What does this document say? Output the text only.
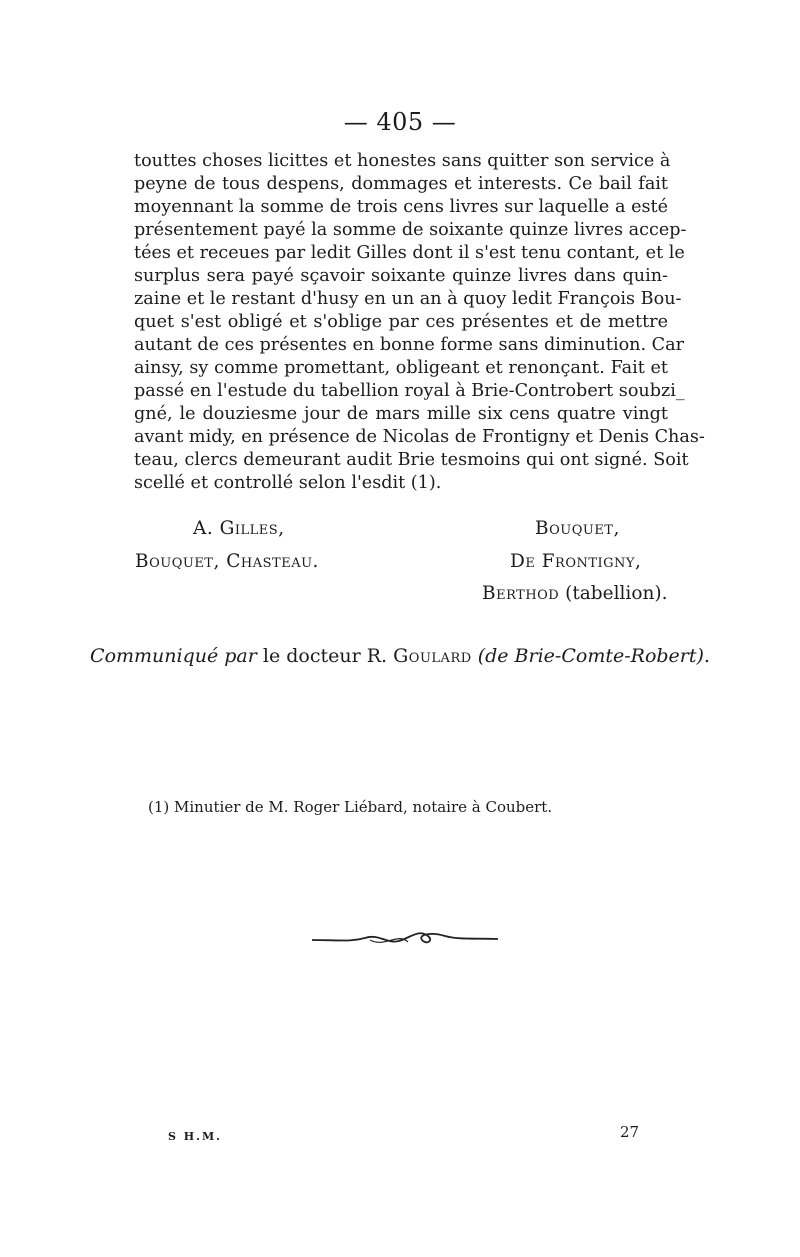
— 405 —
touttes choses licittes et honestes sans quitter son service à
peyne de tous despens, dommages et interests. Ce bail fait
moyennant la somme de trois cens livres sur laquelle a esté
présentement payé la somme de soixante quinze livres accep-
tées et receues par ledit Gilles dont il s'est tenu contant, et le
surplus sera payé sçavoir soixante quinze livres dans quin-
zaine et le restant d'husy en un an à quoy ledit François Bou-
quet s'est obligé et s'oblige par ces présentes et de mettre
autant de ces présentes en bonne forme sans diminution. Car
ainsy, sy comme promettant, obligeant et renonçant. Fait et
passé en l'estude du tabellion royal à Brie-Controbert soubzi_
gné, le douziesme jour de mars mille six cens quatre vingt
avant midy, en présence de Nicolas de Frontigny et Denis Chas-
teau, clercs demeurant audit Brie tesmoins qui ont signé. Soit
scellé et controllé selon l'esdit (1).
A. Gilles,
Bouquet, Chasteau.
Bouquet,
De Frontigny,
Berthod (tabellion).
Communiqué par le docteur R. Goulard (de Brie-Comte-Robert).
(1) Minutier de M. Roger Liébard, notaire à Coubert.
S H.M.	27
